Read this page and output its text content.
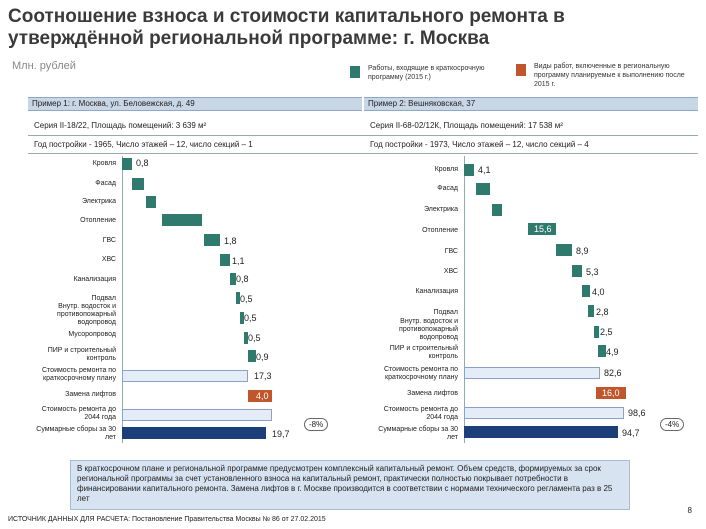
Соотношение взноса и стоимости капитального ремонта в утверждённой региональной программе: г. Москва
Млн. рублей	Работы, входящие в краткосрочную программу (2015 г.)
Виды работ, включенные в региональную программу планируемые к выполнению после 2015 г.
Пример 1: г. Москва, ул. Беловежская, д. 49	Пример 2: Вешняковская, 37
Серия II-18/22, Площадь помещений: 3 639 м²	Серия II-68-02/12К, Площадь помещений: 17 538 м²
Год постройки - 1965, Число этажей – 12, число секций – 1	Год постройки - 1973, Число этажей – 12, число секций – 4
Кровля
Фасад
Электрика
Отопление
ГВС
ХВС
Канализация
Подвал
Внутр. водосток и противопожарный водопровод
Мусоропровод
ПИР и строительный контроль
Стоимость ремонта по краткосрочному плану
Замена лифтов
Стоимость ремонта до 2044 года
Суммарные сборы за 30 лет
0,8
1,8
1,1
0,8
0,5
0,5
0,5
0,9
17,3
4,0
19,7
-8%
Кровля
Фасад
Электрика
Отопление
ГВС
ХВС
Канализация
Подвал
Внутр. водосток и противопожарный водопровод
ПИР и строительный контроль
Стоимость ремонта по краткосрочному плану
Замена лифтов
Стоимость ремонта до 2044 года
Суммарные сборы за 30 лет
15,6
16,0
4,1
8,9
5,3
4,0
2,8
2,5
4,9
82,6
98,6
94,7
-4%
В краткосрочном плане и региональной программе предусмотрен комплексный капитальный ремонт. Объем средств, формируемых за срок региональной программы за счет установленного взноса на капитальный ремонт, практически полностью покрывает потребности в финансировании капитального ремонта. Замена лифтов в г. Москве производится в соответствии с нормами технического регламента раз в 25 лет
ИСТОЧНИК ДАННЫХ ДЛЯ РАСЧЕТА: Постановление Правительства Москвы № 86 от 27.02.2015
8
